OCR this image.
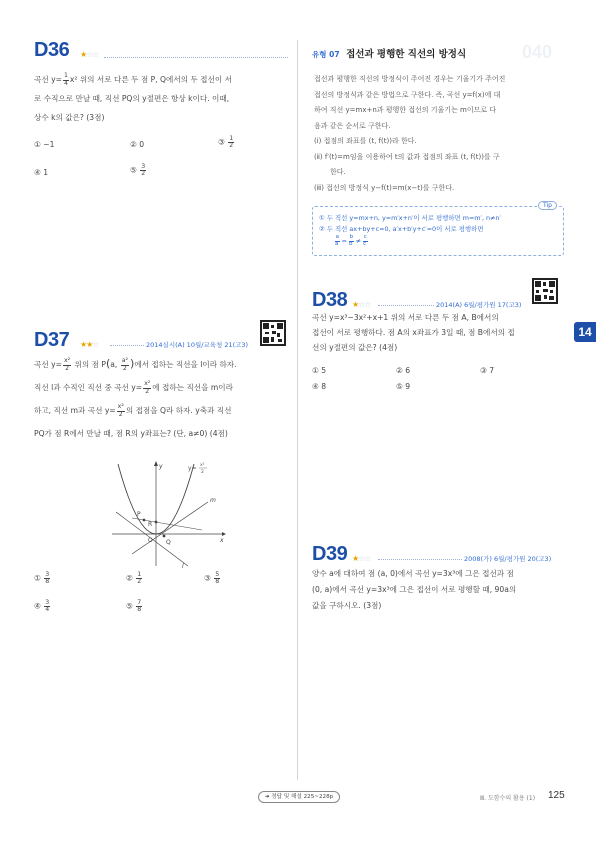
D36 ★☆☆
곡선 $y= \frac{1}{4} x^2$ 위의 서로 다른 두 점 P, Q에서의 두 접선이 서
로 수직으로 만날 때, 직선 PQ의 y절편은 항상 k이다. 이때,
상수 k의 값은? (3점)
① −1	② 0	③ $\frac{1}{2}$
④ 1	⑤ $\frac{3}{2}$
D37 ★★☆	2014실시(A) 10월/교육청 21(고3)
곡선 $y= \frac{\text{x²}}{2}$ 위의 점 P(a, $\frac{\text{a²}}{2}$ )에서 접하는 직선을 l이라 하자.
직선 l과 수직인 직선 중 곡선 $y= \frac{\text{x²}}{2}$ 에 접하는 직선을 m이라
하고, 직선 m과 곡선 $y= \frac{\text{x²}}{2}$ 의 접점을 Q라 하자. y축과 직선
PQ가 점 R에서 만날 때, 점 R의 y좌표는? (단, a≠0) (4점)
y= x²
2
y
x
O
P
Q
R
m
l
① $\frac{3}{8}$	② $\frac{1}{2}$	③ $\frac{5}{8}$
④ $\frac{3}{4}$	⑤ $\frac{7}{8}$
유형 07 접선과 평행한 직선의 방정식	040
접선과 평행한 직선의 방정식이 주어진 경우는 기울기가 주어진
접선의 방정식과 같은 방법으로 구한다. 즉, 곡선 y=f(x)에 대
하여 직선 y=mx+n과 평행한 접선의 기울기는 m이므로 다
음과 같은 순서로 구한다.
(ⅰ) 접점의 좌표를 (t, f(t))라 한다.
(ⅱ) f′(t)=m임을 이용하여 t의 값과 접점의 좌표 (t, f(t))를 구
한다.
(ⅲ) 접선의 방정식 y−f(t)=m(x−t)를 구한다.
Tip
① 두 직선 y=mx+n, y=m′x+n′이 서로 평행하면 m=m′, n≠n′
② 두 직선 ax+by+c=0, a′x+b′y+c′=0이 서로 평행하면
$\frac{a}{a'} = \frac{b}{b'} \ne \frac{c}{c'}$
D38 ★☆☆	2014(A) 6월/평가원 17(고3)
곡선 y=x³−3x²+x+1 위의 서로 다른 두 점 A, B에서의
접선이 서로 평행하다. 점 A의 x좌표가 3일 때, 점 B에서의 접
선의 y절편의 값은? (4점)
① 5	② 6	③ 7
④ 8	⑤ 9
14
D39 ★☆☆	2008(가) 6월/평가원 20(고3)
양수 a에 대하여 점 (a, 0)에서 곡선 y=3x³에 그은 접선과 점
(0, a)에서 곡선 y=3x³에 그은 접선이 서로 평행할 때, 90a의
값을 구하시오. (3점)
➜ 정답 및 해설 225~228p	Ⅲ. 도함수의 활용 (1) 125
